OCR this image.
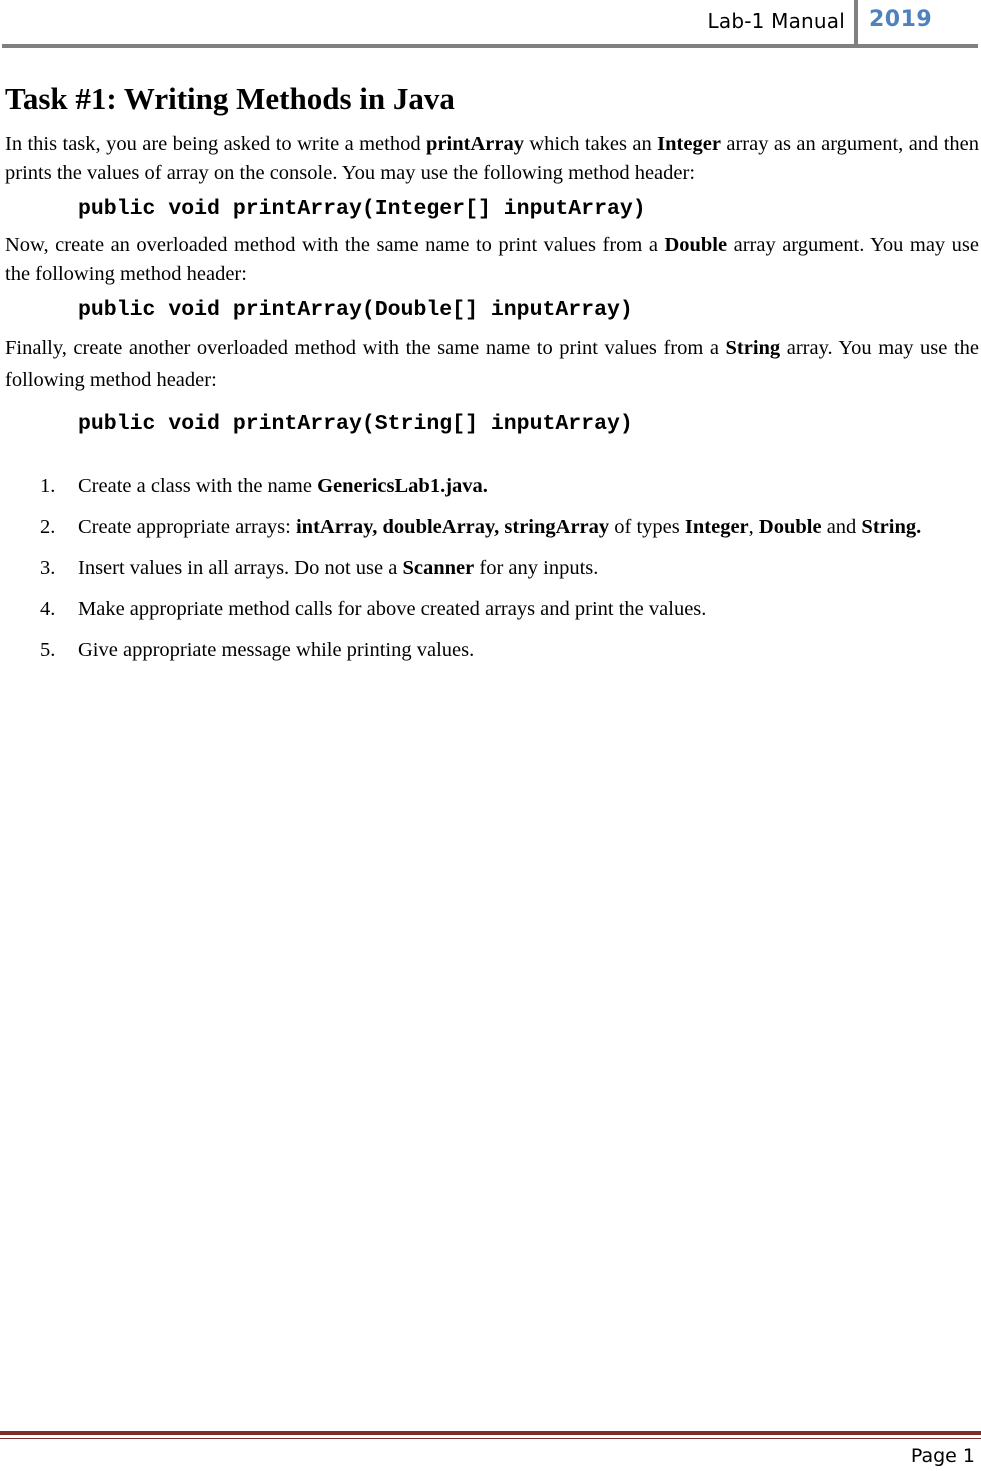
Lab-1 Manual 2019
Task #1: Writing Methods in Java

In this task, you are being asked to write a method printArray which takes an Integer array as an argument, and then prints the values of array on the console. You may use the following method header:

public void printArray(Integer[] inputArray)

Now, create an overloaded method with the same name to print values from a Double array argument. You may use the following method header:

public void printArray(Double[] inputArray)

Finally, create another overloaded method with the same name to print values from a String array. You may use the following method header:

public void printArray(String[] inputArray)
1. Create a class with the name GenericsLab1.java.
2. Create appropriate arrays: intArray, doubleArray, stringArray of types Integer, Double and String.
3. Insert values in all arrays. Do not use a Scanner for any inputs.
4. Make appropriate method calls for above created arrays and print the values.
5. Give appropriate message while printing values.
Page 1
